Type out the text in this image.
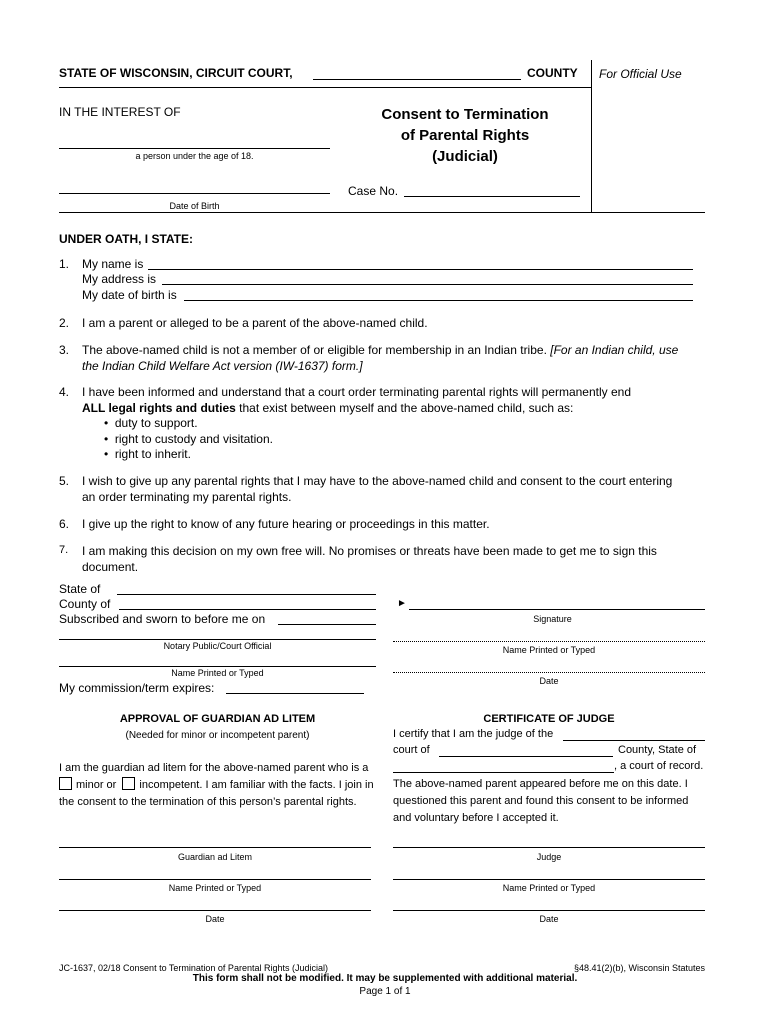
STATE OF WISCONSIN, CIRCUIT COURT,	COUNTY For Official Use
IN THE INTEREST OF
a person under the age of 18.
Date of Birth
Consent to Termination
of Parental Rights
(Judicial)
Case No.
UNDER OATH, I STATE:
1. My name is
My address is
My date of birth is
2. I am a parent or alleged to be a parent of the above-named child.
3. The above-named child is not a member of or eligible for membership in an Indian tribe. [For an Indian child, use
the Indian Child Welfare Act version (IW-1637) form.]
4. I have been informed and understand that a court order terminating parental rights will permanently end
ALL legal rights and duties that exist between myself and the above-named child, such as:
•  duty to support.
•  right to custody and visitation.
•  right to inherit.
5. I wish to give up any parental rights that I may have to the above-named child and consent to the court entering
an order terminating my parental rights.
6. I give up the right to know of any future hearing or proceedings in this matter.
7. I am making this decision on my own free will. No promises or threats have been made to get me to sign this
document.
State of
County of
Subscribed and sworn to before me on
Notary Public/Court Official
Name Printed or Typed
My commission/term expires:
►
Signature
Name Printed or Typed
Date
APPROVAL OF GUARDIAN AD LITEM
(Needed for minor or incompetent parent)
I am the guardian ad litem for the above-named parent who is a
minor or incompetent. I am familiar with the facts. I join in
the consent to the termination of this person’s parental rights.
Guardian ad Litem
Name Printed or Typed
Date
CERTIFICATE OF JUDGE
I certify that I am the judge of the
court of	County, State of
, a court of record.
The above-named parent appeared before me on this date. I
questioned this parent and found this consent to be informed
and voluntary before I accepted it.
Judge
Name Printed or Typed
Date
JC-1637, 02/18 Consent to Termination of Parental Rights (Judicial)	§48.41(2)(b), Wisconsin Statutes
This form shall not be modified. It may be supplemented with additional material.
Page 1 of 1
